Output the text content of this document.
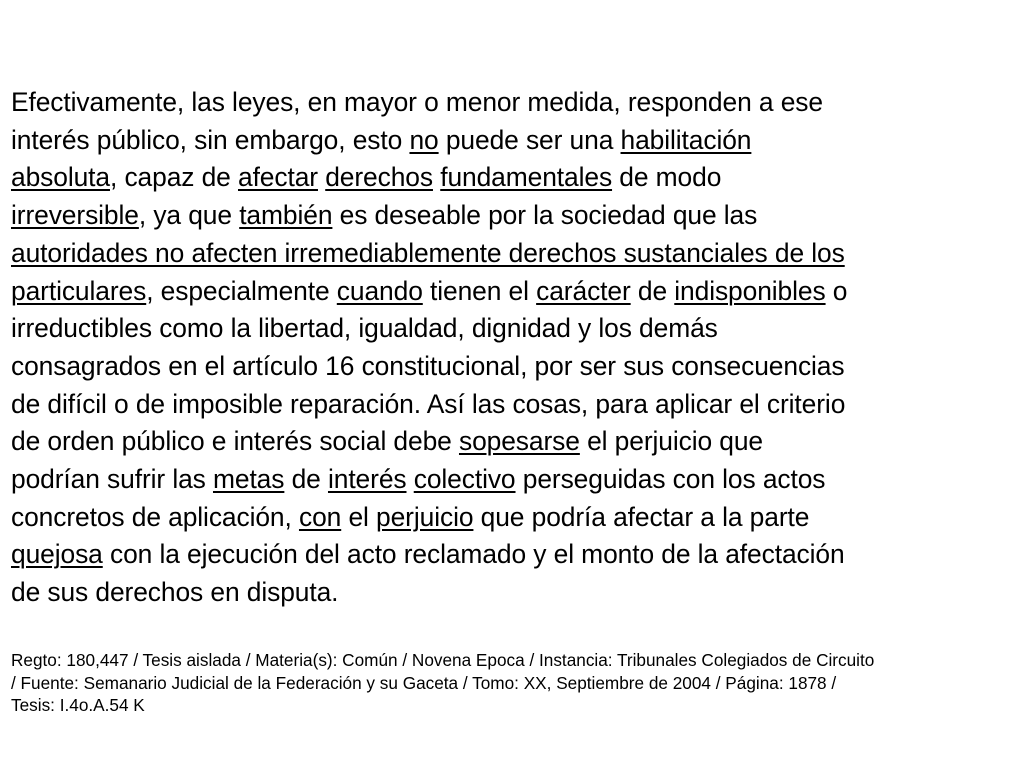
Efectivamente, las leyes, en mayor o menor medida, responden a ese
interés público, sin embargo, esto no puede ser una habilitación
absoluta, capaz de afectar derechos fundamentales de modo
irreversible, ya que también es deseable por la sociedad que las
autoridades no afecten irremediablemente derechos sustanciales de los
particulares, especialmente cuando tienen el carácter de indisponibles o
irreductibles como la libertad, igualdad, dignidad y los demás
consagrados en el artículo 16 constitucional, por ser sus consecuencias
de difícil o de imposible reparación. Así las cosas, para aplicar el criterio
de orden público e interés social debe sopesarse el perjuicio que
podrían sufrir las metas de interés colectivo perseguidas con los actos
concretos de aplicación, con el perjuicio que podría afectar a la parte
quejosa con la ejecución del acto reclamado y el monto de la afectación
de sus derechos en disputa.

Regto: 180,447 / Tesis aislada / Materia(s): Común / Novena Epoca / Instancia: Tribunales Colegiados de Circuito
/ Fuente: Semanario Judicial de la Federación y su Gaceta / Tomo: XX, Septiembre de 2004 / Página: 1878 /
Tesis: I.4o.A.54 K
